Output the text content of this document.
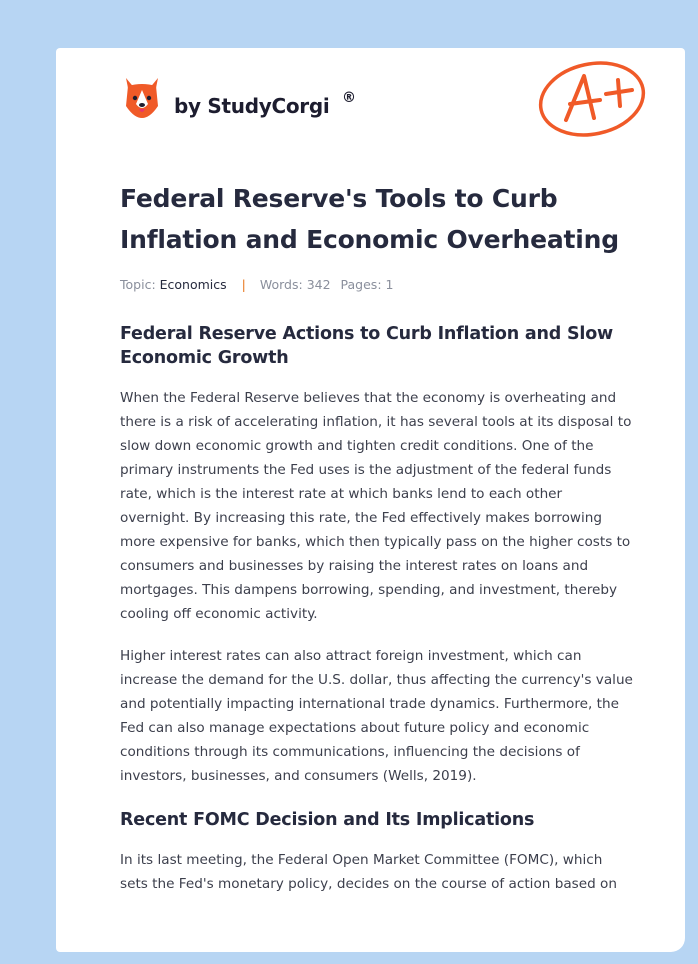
by StudyCorgi ®
Federal Reserve's Tools to Curb Inflation and Economic Overheating
Topic: Economics | Words: 342 Pages: 1
Federal Reserve Actions to Curb Inflation and Slow Economic Growth

When the Federal Reserve believes that the economy is overheating and there is a risk of accelerating inflation, it has several tools at its disposal to slow down economic growth and tighten credit conditions. One of the primary instruments the Fed uses is the adjustment of the federal funds rate, which is the interest rate at which banks lend to each other overnight. By increasing this rate, the Fed effectively makes borrowing more expensive for banks, which then typically pass on the higher costs to consumers and businesses by raising the interest rates on loans and mortgages. This dampens borrowing, spending, and investment, thereby cooling off economic activity.

Higher interest rates can also attract foreign investment, which can increase the demand for the U.S. dollar, thus affecting the currency's value and potentially impacting international trade dynamics. Furthermore, the Fed can also manage expectations about future policy and economic conditions through its communications, influencing the decisions of investors, businesses, and consumers (Wells, 2019).

Recent FOMC Decision and Its Implications

In its last meeting, the Federal Open Market Committee (FOMC), which sets the Fed's monetary policy, decides on the course of action based on
